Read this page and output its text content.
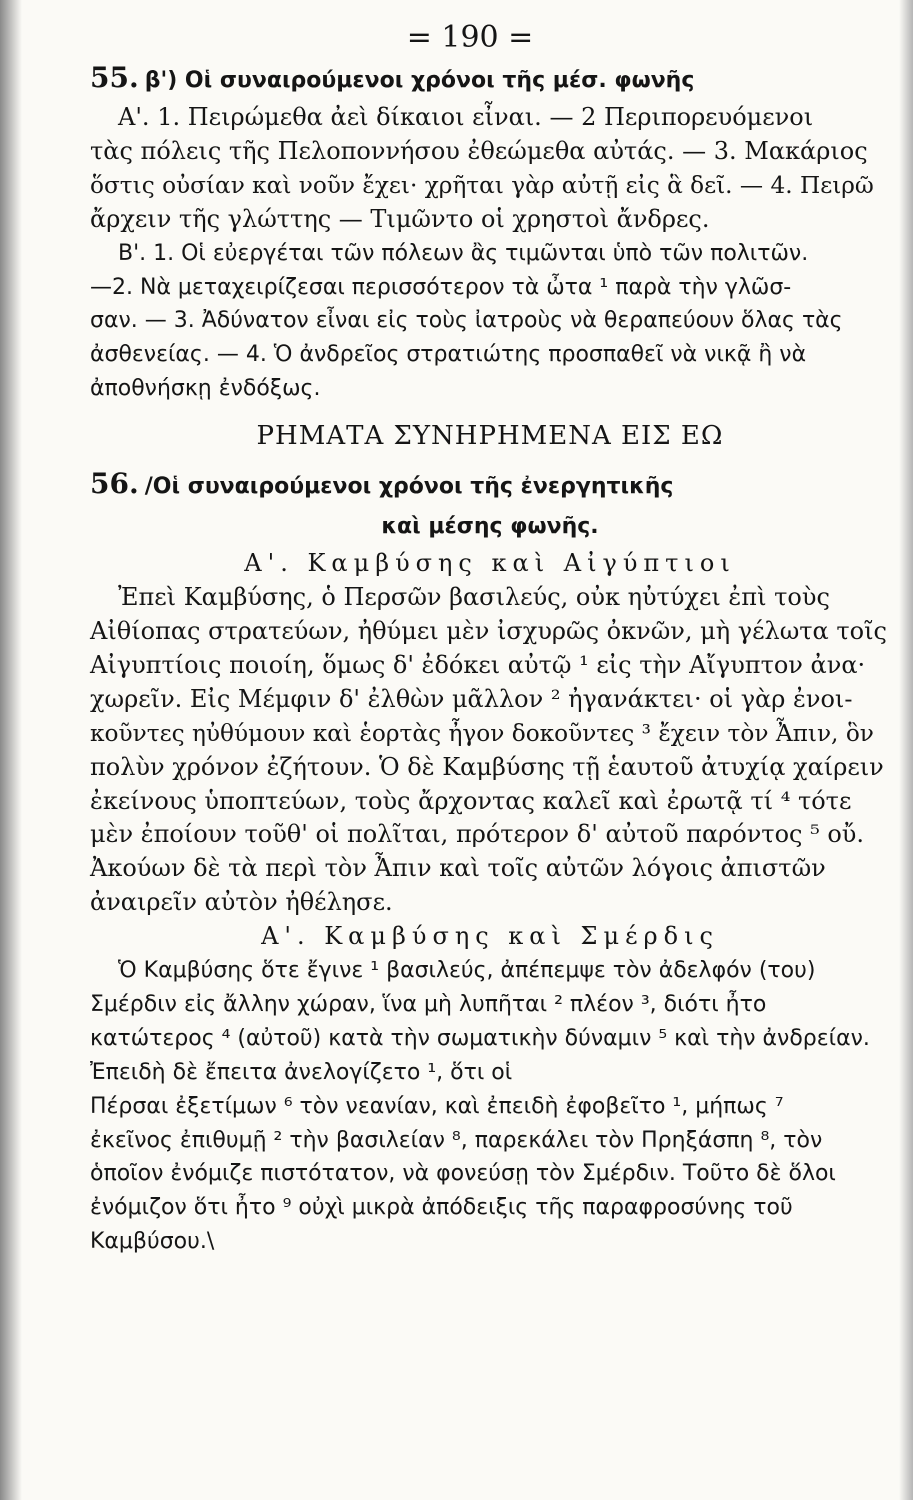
= 190 =
55. β') Οἱ συναιρούμενοι χρόνοι τῆς μέσ. φωνῆς
Α'. 1. Πειρώμεθα ἀεὶ δίκαιοι εἶναι. — 2 Περιπορευόμενοι
τὰς πόλεις τῆς Πελοποννήσου ἐθεώμεθα αὐτάς. — 3. Μακάριος
ὅστις οὐσίαν καὶ νοῦν ἔχει· χρῆται γὰρ αὐτῇ εἰς ἃ δεῖ. — 4. Πειρῶ
ἄρχειν τῆς γλώττης — Τιμῶντο οἱ χρηστοὶ ἄνδρες.
Β'. 1. Οἱ εὐεργέται τῶν πόλεων ἂς τιμῶνται ὑπὸ τῶν πολιτῶν.
—2. Νὰ μεταχειρίζεσαι περισσότερον τὰ ὦτα ¹ παρὰ τὴν γλῶσ-
σαν. — 3. Ἀδύνατον εἶναι εἰς τοὺς ἰατροὺς νὰ θεραπεύουν ὅλας τὰς
ἀσθενείας. — 4. Ὁ ἀνδρεῖος στρατιώτης προσπαθεῖ νὰ νικᾷ ἢ νὰ
ἀποθνήσκῃ ἐνδόξως.
ΡΗΜΑΤΑ ΣΥΝΗΡΗΜΕΝΑ ΕΙΣ ΕΩ
56. /Οἱ συναιρούμενοι χρόνοι τῆς ἐνεργητικῆς
καὶ μέσης φωνῆς.
Α'. Καμβύσης καὶ Αἰγύπτιοι
Ἐπεὶ Καμβύσης, ὁ Περσῶν βασιλεύς, οὐκ ηὐτύχει ἐπὶ τοὺς
Αἰθίοπας στρατεύων, ἠθύμει μὲν ἰσχυρῶς ὀκνῶν, μὴ γέλωτα τοῖς
Αἰγυπτίοις ποιοίη, ὅμως δ' ἐδόκει αὐτῷ ¹ εἰς τὴν Αἴγυπτον ἀνα·
χωρεῖν. Εἰς Μέμφιν δ' ἐλθὼν μᾶλλον ² ἠγανάκτει· οἱ γὰρ ἐνοι-
κοῦντες ηὐθύμουν καὶ ἑορτὰς ἦγον δοκοῦντες ³ ἔχειν τὸν Ἆπιν, ὃν
πολὺν χρόνον ἐζήτουν. Ὁ δὲ Καμβύσης τῇ ἑαυτοῦ ἀτυχίᾳ χαίρειν
ἐκείνους ὑποπτεύων, τοὺς ἄρχοντας καλεῖ καὶ ἐρωτᾷ τί ⁴ τότε
μὲν ἐποίουν τοῦθ' οἱ πολῖται, πρότερον δ' αὐτοῦ παρόντος ⁵ οὔ.
Ἀκούων δὲ τὰ περὶ τὸν Ἆπιν καὶ τοῖς αὐτῶν λόγοις ἀπιστῶν
ἀναιρεῖν αὐτὸν ἠθέλησε.
Α'. Καμβύσης καὶ Σμέρδις
Ὁ Καμβύσης ὅτε ἔγινε ¹ βασιλεύς, ἀπέπεμψε τὸν ἀδελφόν (του)
Σμέρδιν εἰς ἄλλην χώραν, ἵνα μὴ λυπῆται ² πλέον ³, διότι ἦτο
κατώτερος ⁴ (αὐτοῦ) κατὰ τὴν σωματικὴν δύναμιν ⁵ καὶ τὴν ἀνδρείαν. Ἐπειδὴ δὲ ἔπειτα ἀνελογίζετο ¹, ὅτι οἱ
Πέρσαι ἐξετίμων ⁶ τὸν νεανίαν, καὶ ἐπειδὴ ἐφοβεῖτο ¹, μήπως ⁷
ἐκεῖνος ἐπιθυμῇ ² τὴν βασιλείαν ⁸, παρεκάλει τὸν Πρηξάσπη ⁸, τὸν
ὁποῖον ἐνόμιζε πιστότατον, νὰ φονεύσῃ τὸν Σμέρδιν. Τοῦτο δὲ ὅλοι
ἐνόμιζον ὅτι ἦτο ⁹ οὐχὶ μικρὰ ἀπόδειξις τῆς παραφροσύνης τοῦ
Καμβύσου.\
